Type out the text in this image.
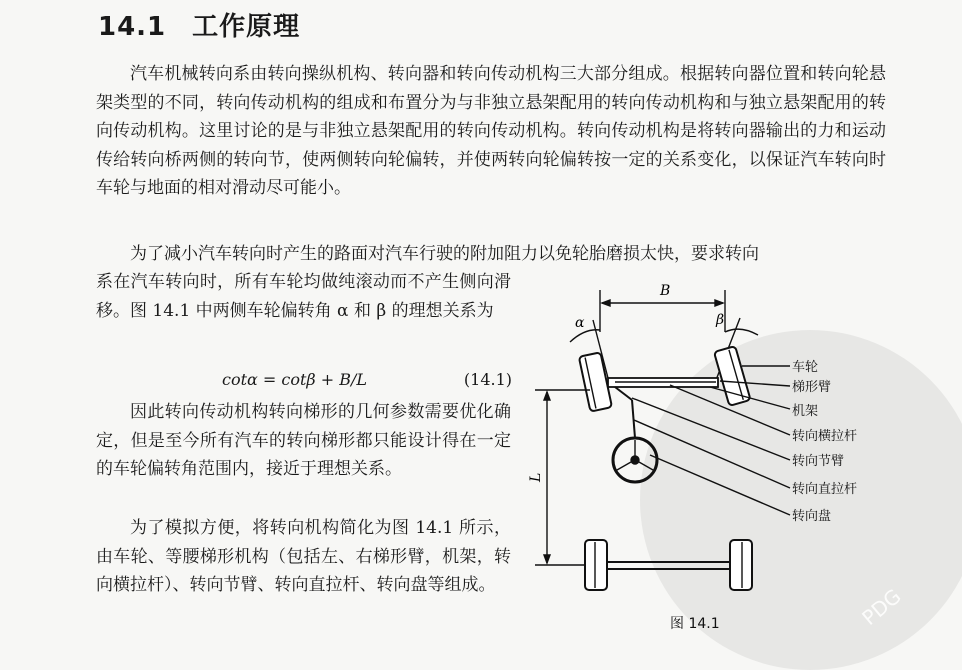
14.1 工作原理

汽车机械转向系由转向操纵机构、转向器和转向传动机构三大部分组成。根据转向器位置和转向轮悬架类型的不同，转向传动机构的组成和布置分为与非独立悬架配用的转向传动机构和与独立悬架配用的转向传动机构。这里讨论的是与非独立悬架配用的转向传动机构。转向传动机构是将转向器输出的力和运动传给转向桥两侧的转向节，使两侧转向轮偏转，并使两转向轮偏转按一定的关系变化，以保证汽车转向时车轮与地面的相对滑动尽可能小。

为了减小汽车转向时产生的路面对汽车行驶的附加阻力以免轮胎磨损太快，要求转向

系在汽车转向时，所有车轮均做纯滚动而不产生侧向滑移。图 14.1 中两侧车轮偏转角 α 和 β 的理想关系为

cotα = cotβ + B/L	(14.1)

因此转向传动机构转向梯形的几何参数需要优化确定，但是至今所有汽车的转向梯形都只能设计得在一定的车轮偏转角范围内，接近于理想关系。

为了模拟方便，将转向机构简化为图 14.1 所示，由车轮、等腰梯形机构（包括左、右梯形臂，机架，转向横拉杆）、转向节臂、转向直拉杆、转向盘等组成。

B
α	β
L
车轮
梯形臂
机架
转向横拉杆
转向节臂
转向直拉杆
转向盘
图 14.1	PDG
